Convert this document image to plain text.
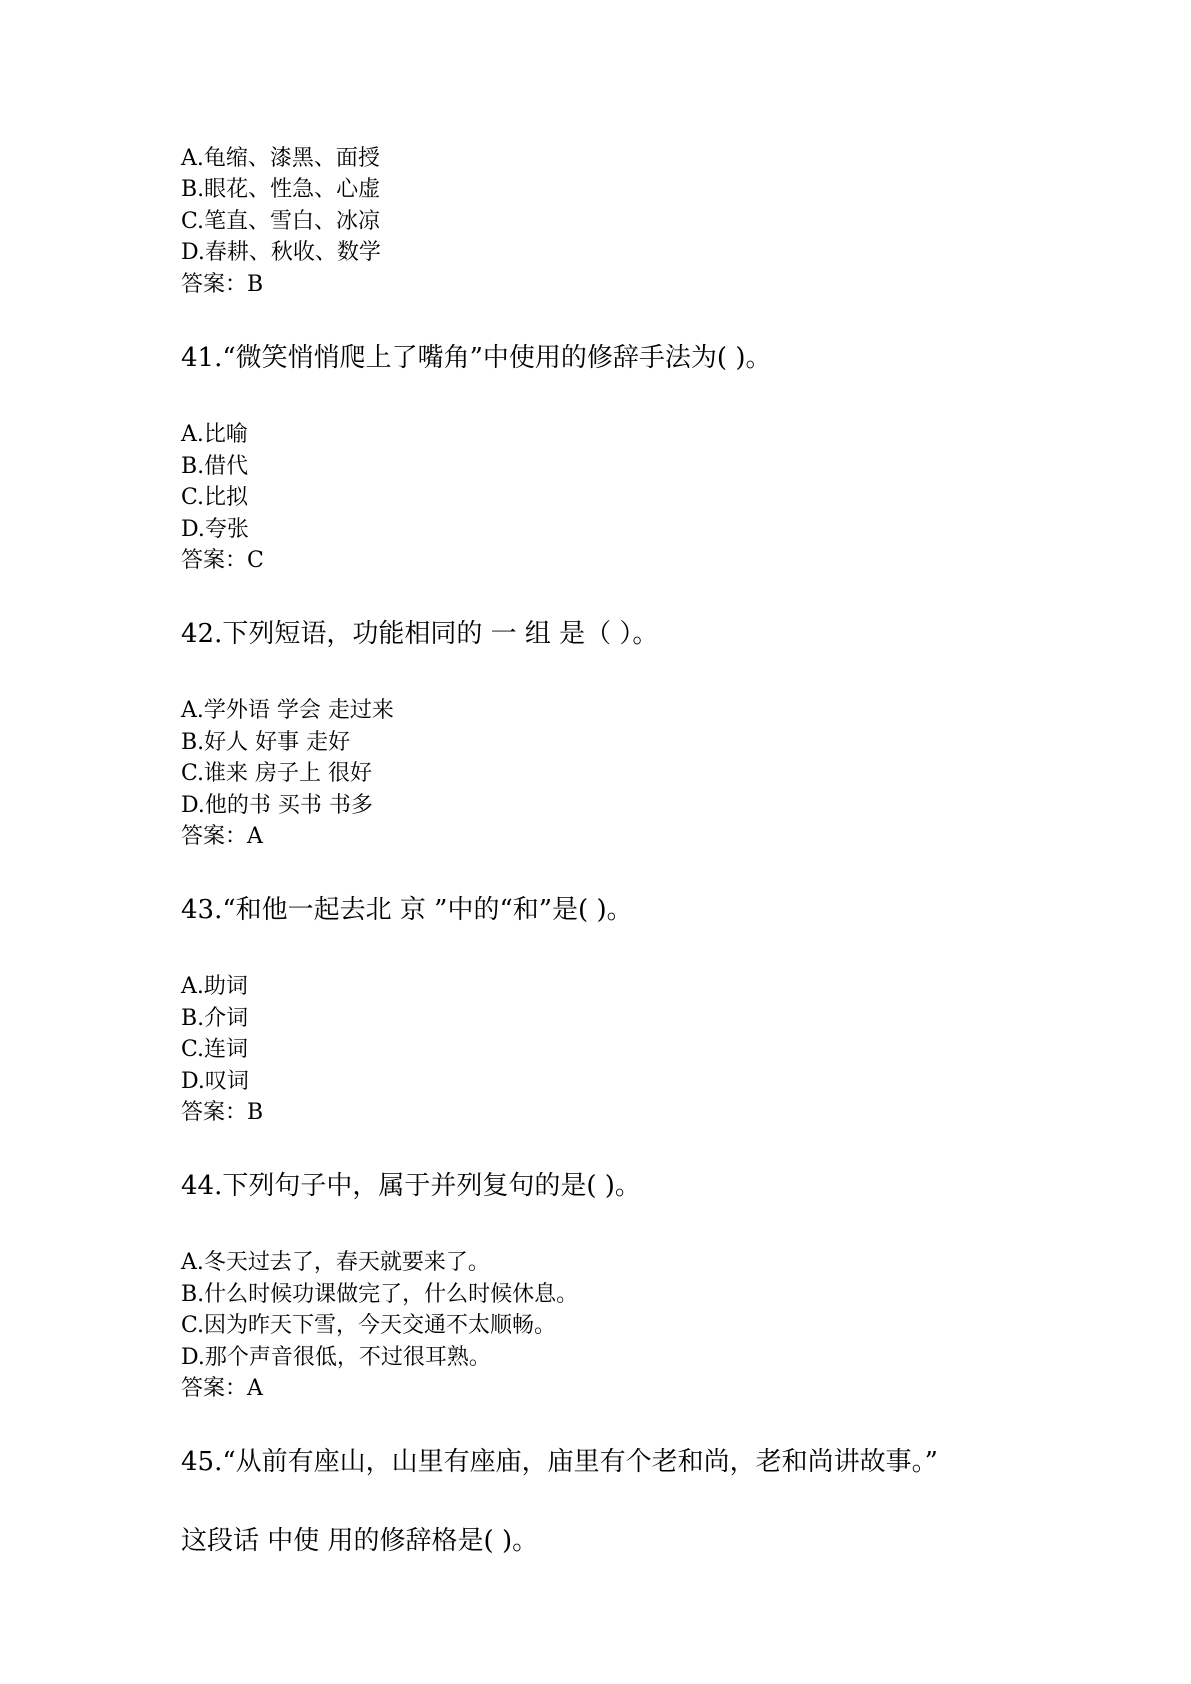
A.龟缩、漆黑、面授
B.眼花、性急、心虚
C.笔直、雪白、冰凉
D.春耕、秋收、数学
答案：B
41.“微笑悄悄爬上了嘴角”中使用的修辞手法为( )。
A.比喻
B.借代
C.比拟
D.夸张
答案：C
42.下列短语，功能相同的 一 组 是（ ）。
A.学外语 学会 走过来
B.好人 好事 走好
C.谁来 房子上 很好
D.他的书 买书 书多
答案：A
43.“和他一起去北 京 ”中的“和”是( )。
A.助词
B.介词
C.连词
D.叹词
答案：B
44.下列句子中，属于并列复句的是( )。
A.冬天过去了，春天就要来了。
B.什么时候功课做完了，什么时候休息。
C.因为昨天下雪，今天交通不太顺畅。
D.那个声音很低，不过很耳熟。
答案：A
45.“从前有座山，山里有座庙，庙里有个老和尚，老和尚讲故事。”
这段话 中使 用的修辞格是( )。
